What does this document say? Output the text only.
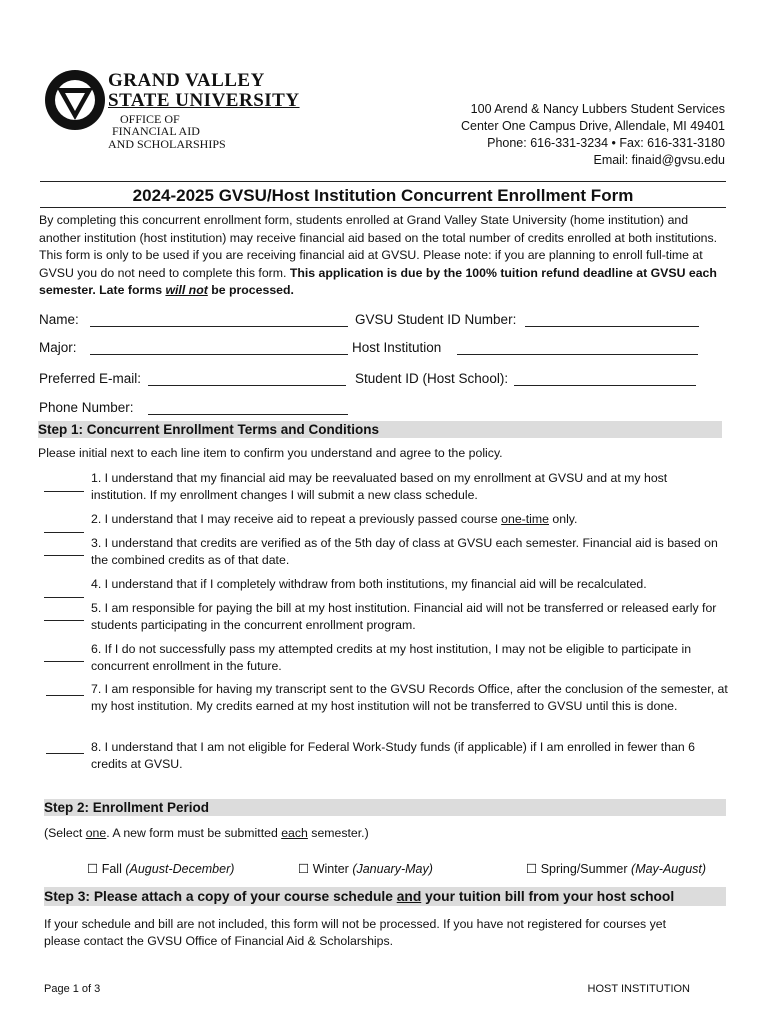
GRAND VALLEY
STATE UNIVERSITY
OFFICE OF
FINANCIAL AID
AND SCHOLARSHIPS
100 Arend & Nancy Lubbers Student Services
Center One Campus Drive, Allendale, MI 49401
Phone: 616-331-3234 • Fax: 616-331-3180
Email: finaid@gvsu.edu
2024-2025 GVSU/Host Institution Concurrent Enrollment Form
By completing this concurrent enrollment form, students enrolled at Grand Valley State University (home institution) and another institution (host institution) may receive financial aid based on the total number of credits enrolled at both institutions. This form is only to be used if you are receiving financial aid at GVSU. Please note: if you are planning to enroll full-time at GVSU you do not need to complete this form. This application is due by the 100% tuition refund deadline at GVSU each semester. Late forms will not be processed.
Name:	GVSU Student ID Number:
Major:	Host Institution
Preferred E-mail:	Student ID (Host School):
Phone Number:
Step 1: Concurrent Enrollment Terms and Conditions
Please initial next to each line item to confirm you understand and agree to the policy.
1. I understand that my financial aid may be reevaluated based on my enrollment at GVSU and at my host institution. If my enrollment changes I will submit a new class schedule.
2. I understand that I may receive aid to repeat a previously passed course one-time only.
3. I understand that credits are verified as of the 5th day of class at GVSU each semester. Financial aid is based on the combined credits as of that date.
4. I understand that if I completely withdraw from both institutions, my financial aid will be recalculated.
5. I am responsible for paying the bill at my host institution. Financial aid will not be transferred or released early for students participating in the concurrent enrollment program.
6. If I do not successfully pass my attempted credits at my host institution, I may not be eligible to participate in concurrent enrollment in the future.
7. I am responsible for having my transcript sent to the GVSU Records Office, after the conclusion of the semester, at my host institution. My credits earned at my host institution will not be transferred to GVSU until this is done.
8. I understand that I am not eligible for Federal Work-Study funds (if applicable) if I am enrolled in fewer than 6 credits at GVSU.
Step 2: Enrollment Period
(Select one. A new form must be submitted each semester.)
☐ Fall (August-December)	☐ Winter (January-May)	☐ Spring/Summer (May-August)
Step 3: Please attach a copy of your course schedule and your tuition bill from your host school
If your schedule and bill are not included, this form will not be processed. If you have not registered for courses yet please contact the GVSU Office of Financial Aid & Scholarships.
Page 1 of 3	HOST INSTITUTION
